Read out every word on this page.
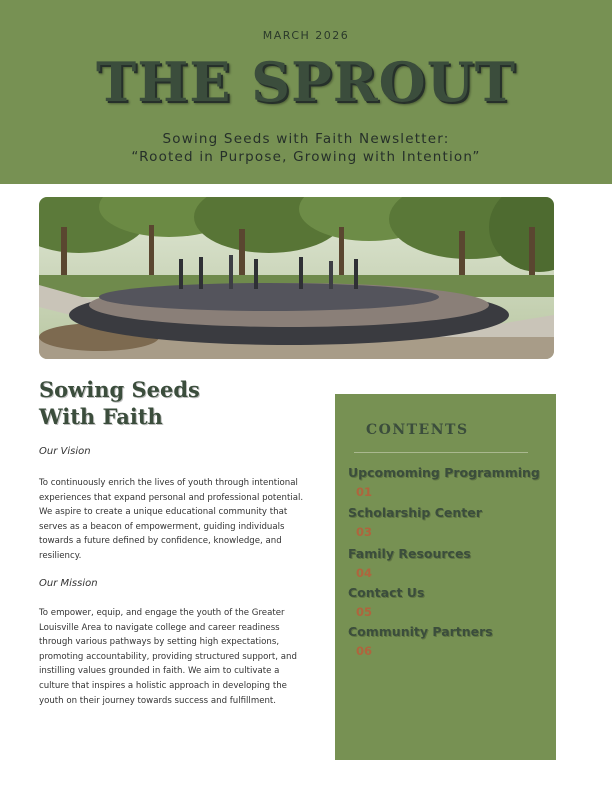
MARCH 2026
THE SPROUT
Sowing Seeds with Faith Newsletter:
“Rooted in Purpose, Growing with Intention”
Sowing Seeds
With Faith
Our Vision
To continuously enrich the lives of youth through intentional experiences that expand personal and professional potential. We aspire to create a unique educational community that serves as a beacon of empowerment, guiding individuals towards a future defined by confidence, knowledge, and resiliency.
Our Mission
To empower, equip, and engage the youth of the Greater Louisville Area to navigate college and career readiness through various pathways by setting high expectations, promoting accountability, providing structured support, and instilling values grounded in faith. We aim to cultivate a culture that inspires a holistic approach in developing the youth on their journey towards success and fulfillment.
CONTENTS
Upcomoming Programming
01
Scholarship Center
03
Family Resources
04
Contact Us
05
Community Partners
06
